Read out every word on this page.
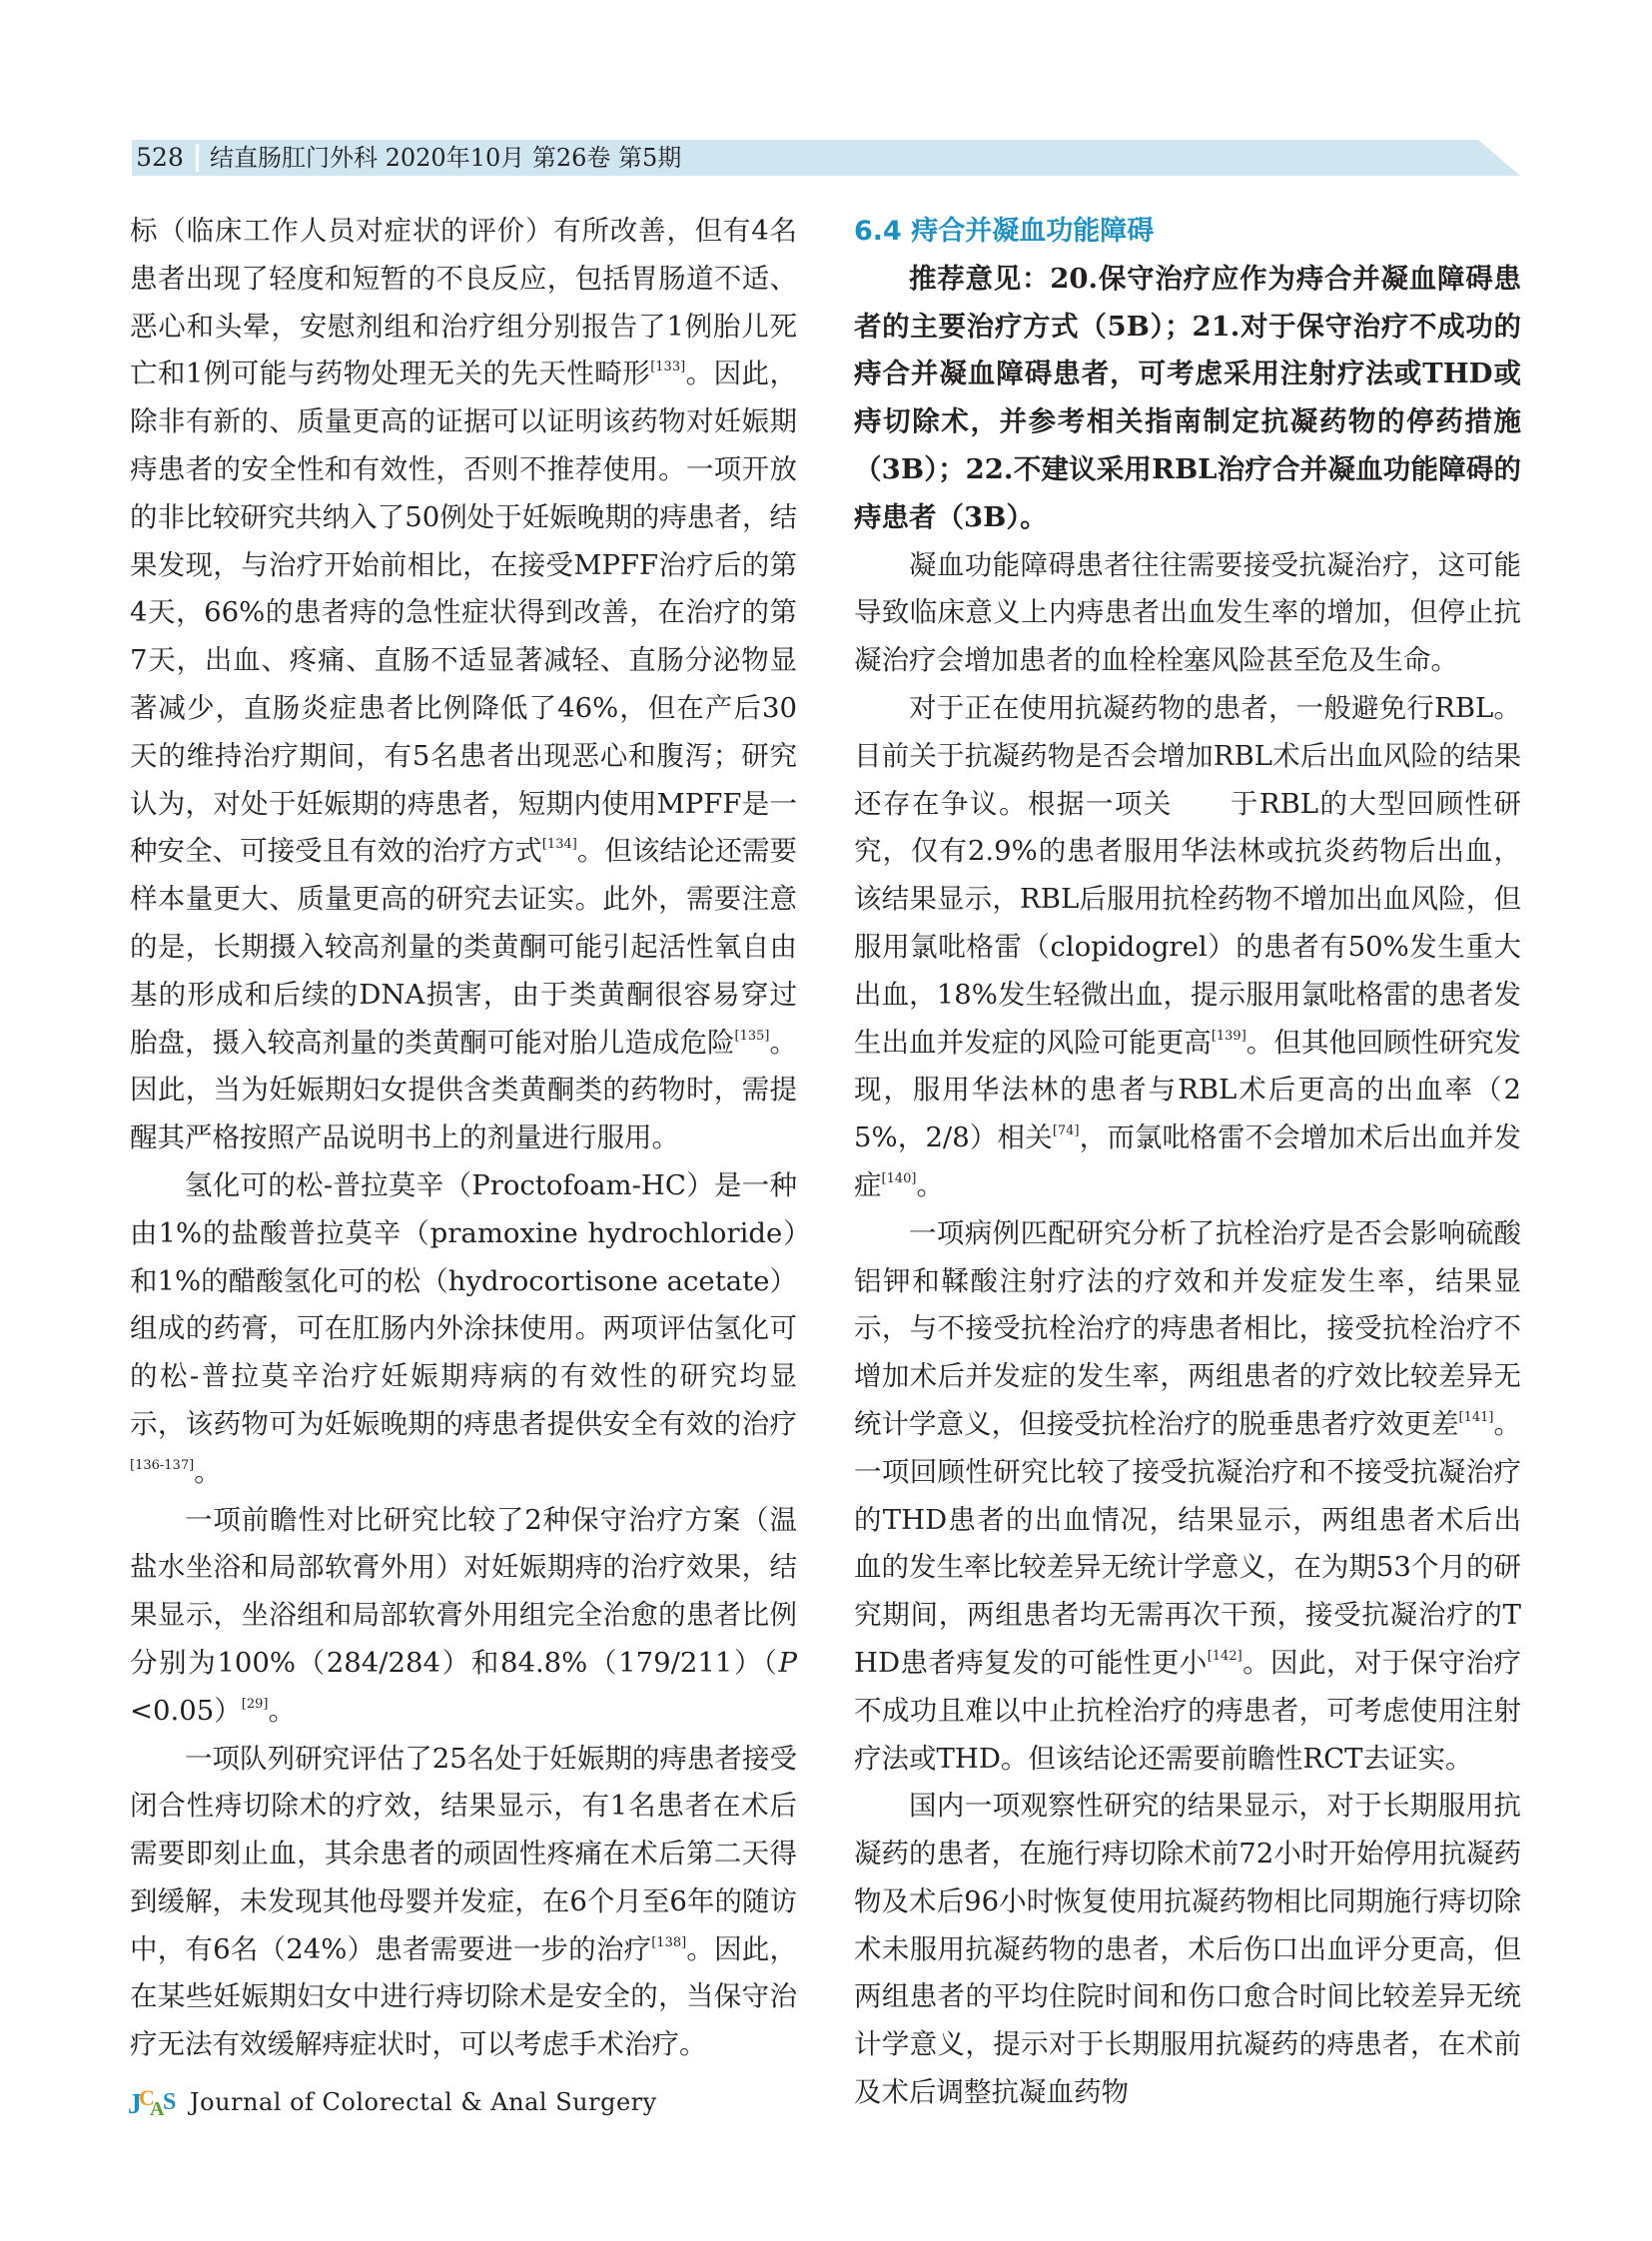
528 结直肠肛门外科 2020年10月 第26卷 第5期

标（临床工作人员对症状的评价）有所改善，但有4名患者出现了轻度和短暂的不良反应，包括胃肠道不适、恶心和头晕，安慰剂组和治疗组分别报告了1例胎儿死亡和1例可能与药物处理无关的先天性畸形[133]。因此，除非有新的、质量更高的证据可以证明该药物对妊娠期痔患者的安全性和有效性，否则不推荐使用。一项开放的非比较研究共纳入了50例处于妊娠晚期的痔患者，结果发现，与治疗开始前相比，在接受MPFF治疗后的第4天，66%的患者痔的急性症状得到改善，在治疗的第7天，出血、疼痛、直肠不适显著减轻、直肠分泌物显著减少，直肠炎症患者比例降低了46%，但在产后30天的维持治疗期间，有5名患者出现恶心和腹泻；研究认为，对处于妊娠期的痔患者，短期内使用MPFF是一种安全、可接受且有效的治疗方式[134]。但该结论还需要样本量更大、质量更高的研究去证实。此外，需要注意的是，长期摄入较高剂量的类黄酮可能引起活性氧自由基的形成和后续的DNA损害，由于类黄酮很容易穿过胎盘，摄入较高剂量的类黄酮可能对胎儿造成危险[135]。因此，当为妊娠期妇女提供含类黄酮类的药物时，需提醒其严格按照产品说明书上的剂量进行服用。

氢化可的松-普拉莫辛（Proctofoam-HC）是一种由1%的盐酸普拉莫辛（pramoxine hydrochloride）和1%的醋酸氢化可的松（hydrocortisone acetate）组成的药膏，可在肛肠内外涂抹使用。两项评估氢化可的松-普拉莫辛治疗妊娠期痔病的有效性的研究均显示，该药物可为妊娠晚期的痔患者提供安全有效的治疗[136-137]。

一项前瞻性对比研究比较了2种保守治疗方案（温盐水坐浴和局部软膏外用）对妊娠期痔的治疗效果，结果显示，坐浴组和局部软膏外用组完全治愈的患者比例分别为100%（284/284）和84.8%（179/211）（P<0.05）[29]。

一项队列研究评估了25名处于妊娠期的痔患者接受闭合性痔切除术的疗效，结果显示，有1名患者在术后需要即刻止血，其余患者的顽固性疼痛在术后第二天得到缓解，未发现其他母婴并发症，在6个月至6年的随访中，有6名（24%）患者需要进一步的治疗[138]。因此，在某些妊娠期妇女中进行痔切除术是安全的，当保守治疗无法有效缓解痔症状时，可以考虑手术治疗。

6.4 痔合并凝血功能障碍

推荐意见：20.保守治疗应作为痔合并凝血障碍患者的主要治疗方式（5B）；21.对于保守治疗不成功的痔合并凝血障碍患者，可考虑采用注射疗法或THD或痔切除术，并参考相关指南制定抗凝药物的停药措施（3B）；22.不建议采用RBL治疗合并凝血功能障碍的痔患者（3B）。

凝血功能障碍患者往往需要接受抗凝治疗，这可能导致临床意义上内痔患者出血发生率的增加，但停止抗凝治疗会增加患者的血栓栓塞风险甚至危及生命。

对于正在使用抗凝药物的患者，一般避免行RBL。目前关于抗凝药物是否会增加RBL术后出血风险的结果还存在争议。根据一项关　　于RBL的大型回顾性研究，仅有2.9%的患者服用华法林或抗炎药物后出血，该结果显示，RBL后服用抗栓药物不增加出血风险，但服用氯吡格雷（clopidogrel）的患者有50%发生重大出血，18%发生轻微出血，提示服用氯吡格雷的患者发生出血并发症的风险可能更高[139]。但其他回顾性研究发现，服用华法林的患者与RBL术后更高的出血率（25%，2/8）相关[74]，而氯吡格雷不会增加术后出血并发症[140]。

一项病例匹配研究分析了抗栓治疗是否会影响硫酸铝钾和鞣酸注射疗法的疗效和并发症发生率，结果显示，与不接受抗栓治疗的痔患者相比，接受抗栓治疗不增加术后并发症的发生率，两组患者的疗效比较差异无统计学意义，但接受抗栓治疗的脱垂患者疗效更差[141]。一项回顾性研究比较了接受抗凝治疗和不接受抗凝治疗的THD患者的出血情况，结果显示，两组患者术后出血的发生率比较差异无统计学意义，在为期53个月的研究期间，两组患者均无需再次干预，接受抗凝治疗的THD患者痔复发的可能性更小[142]。因此，对于保守治疗不成功且难以中止抗栓治疗的痔患者，可考虑使用注射疗法或THD。但该结论还需要前瞻性RCT去证实。

国内一项观察性研究的结果显示，对于长期服用抗凝药的患者，在施行痔切除术前72小时开始停用抗凝药物及术后96小时恢复使用抗凝药物相比同期施行痔切除术未服用抗凝药物的患者，术后伤口出血评分更高，但两组患者的平均住院时间和伤口愈合时间比较差异无统计学意义，提示对于长期服用抗凝药的痔患者，在术前及术后调整抗凝血药物

J
C
A
S Journal of Colorectal & Anal Surgery
